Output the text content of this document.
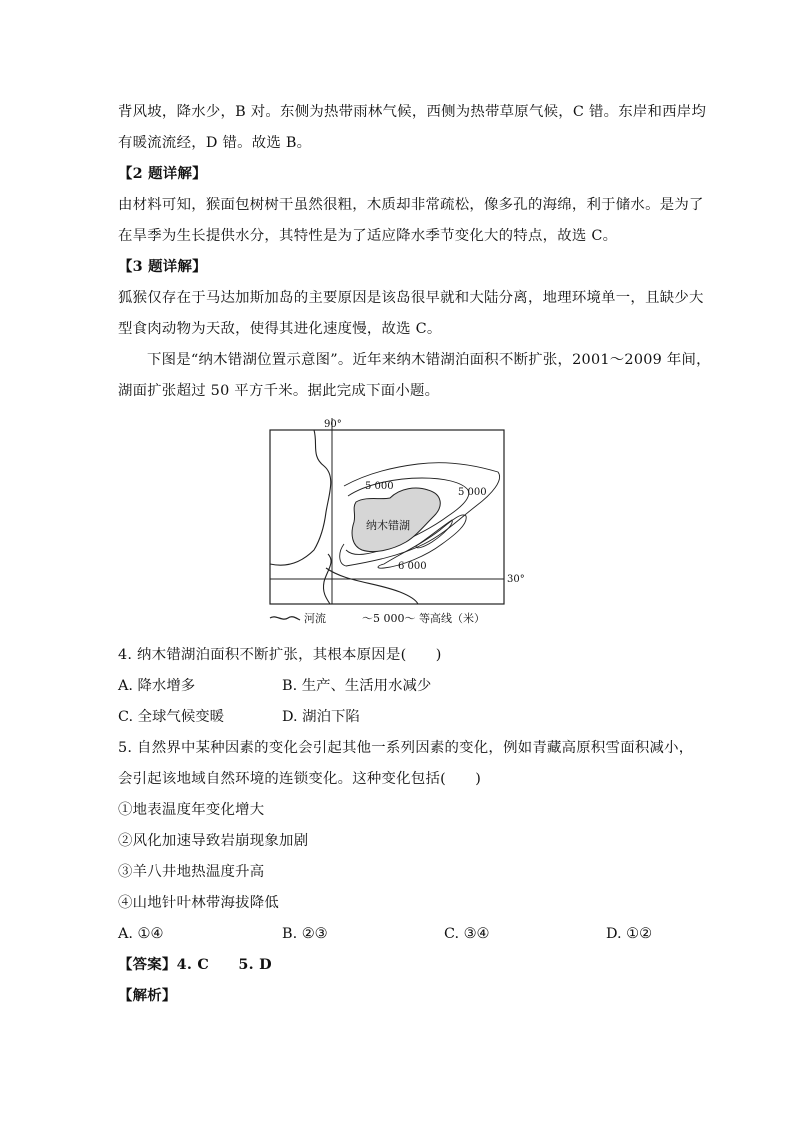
背风坡，降水少，B 对。东侧为热带雨林气候，西侧为热带草原气候，C 错。东岸和西岸均
有暖流流经，D 错。故选 B。
【2 题详解】
由材料可知，猴面包树树干虽然很粗，木质却非常疏松，像多孔的海绵，利于储水。是为了
在旱季为生长提供水分，其特性是为了适应降水季节变化大的特点，故选 C。
【3 题详解】
狐猴仅存在于马达加斯加岛的主要原因是该岛很早就和大陆分离，地理环境单一，且缺少大
型食肉动物为天敌，使得其进化速度慢，故选 C。
下图是“纳木错湖位置示意图”。近年来纳木错湖泊面积不断扩张，2001～2009 年间，
湖面扩张超过 50 平方千米。据此完成下面小题。
90°
30°
纳木错湖
5 000
5 000
6 000
河流	～5 000～ 等高线（米）
4. 纳木错湖泊面积不断扩张，其根本原因是(　　)
A. 降水增多	B. 生产、生活用水减少
C. 全球气候变暖	D. 湖泊下陷
5. 自然界中某种因素的变化会引起其他一系列因素的变化，例如青藏高原积雪面积减小，
会引起该地域自然环境的连锁变化。这种变化包括(　　)
①地表温度年变化增大
②风化加速导致岩崩现象加剧
③羊八井地热温度升高
④山地针叶林带海拔降低
A. ①④	B. ②③	C. ③④	D. ①②
【答案】4. C　　5. D
【解析】
